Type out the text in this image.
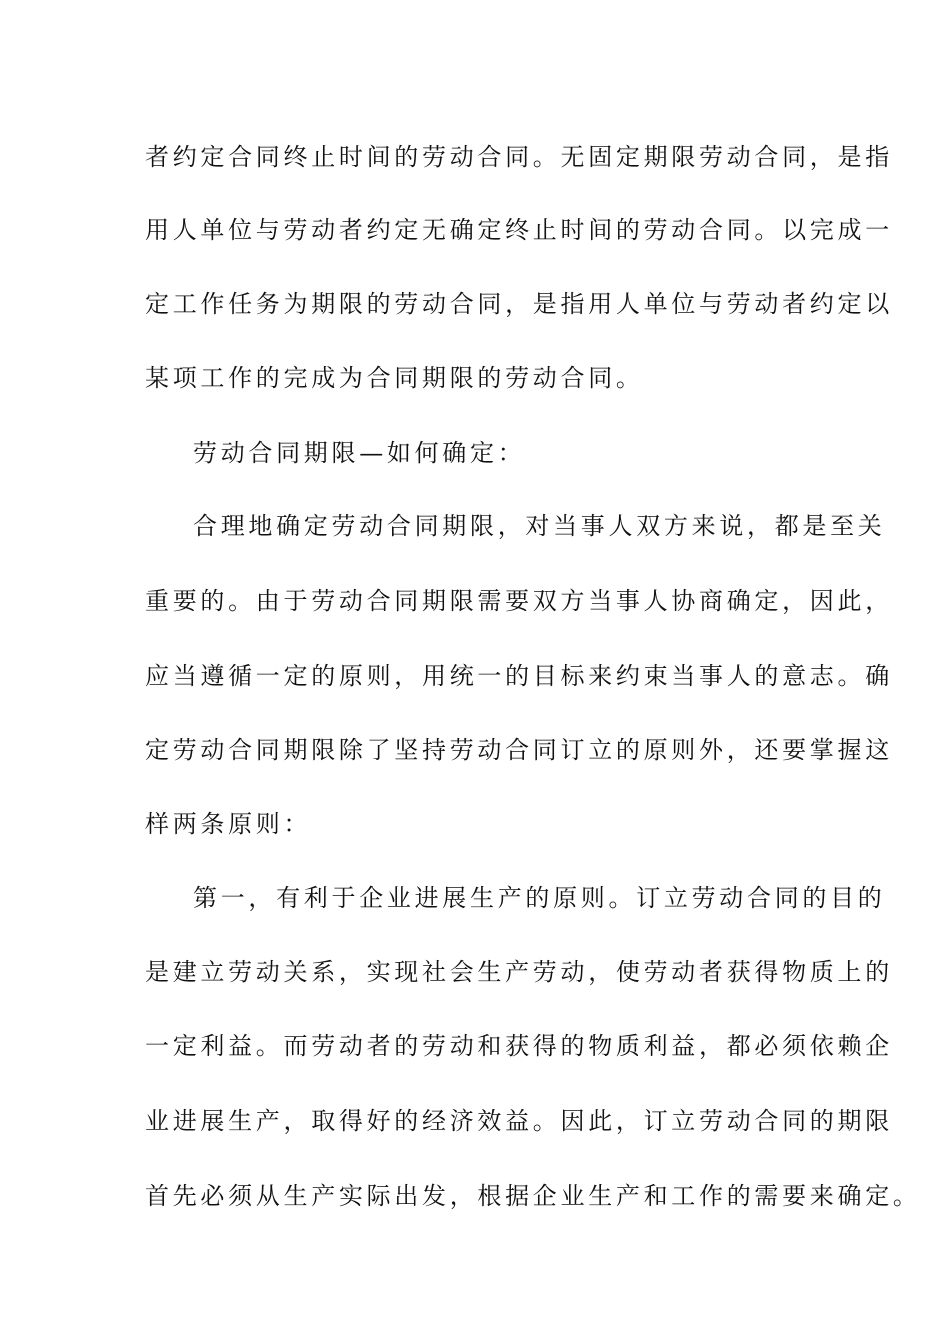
者约定合同终止时间的劳动合同。无固定期限劳动合同，是指
用人单位与劳动者约定无确定终止时间的劳动合同。以完成一
定工作任务为期限的劳动合同，是指用人单位与劳动者约定以
某项工作的完成为合同期限的劳动合同。
劳动合同期限—如何确定：
合理地确定劳动合同期限，对当事人双方来说，都是至关
重要的。由于劳动合同期限需要双方当事人协商确定，因此，
应当遵循一定的原则，用统一的目标来约束当事人的意志。确
定劳动合同期限除了坚持劳动合同订立的原则外，还要掌握这
样两条原则：
第一，有利于企业进展生产的原则。订立劳动合同的目的
是建立劳动关系，实现社会生产劳动，使劳动者获得物质上的
一定利益。而劳动者的劳动和获得的物质利益，都必须依赖企
业进展生产，取得好的经济效益。因此，订立劳动合同的期限
首先必须从生产实际出发，根据企业生产和工作的需要来确定。
